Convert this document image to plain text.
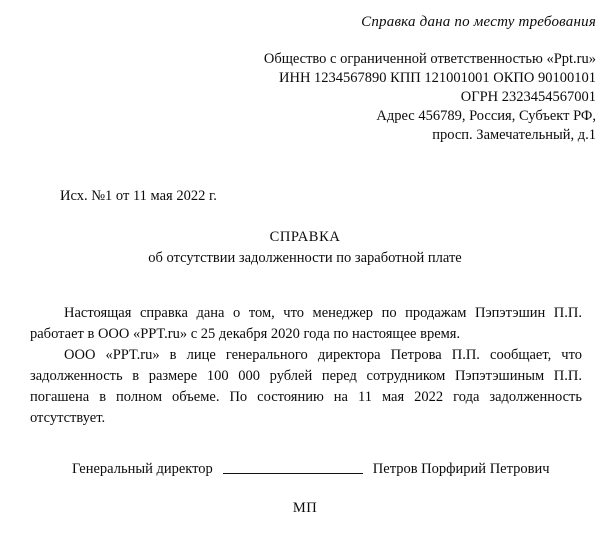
Справка дана по месту требования
Общество с ограниченной ответственностью «Ppt.ru»
ИНН 1234567890 КПП 121001001 ОКПО 90100101
ОГРН 2323454567001
Адрес 456789, Россия, Субъект РФ,
просп. Замечательный, д.1
Исх. №1 от 11 мая 2022 г.
СПРАВКА
об отсутствии задолженности по заработной плате

Настоящая справка дана о том, что менеджер по продажам Пэпэтэшин П.П. работает в ООО «PPT.ru» с 25 декабря 2020 года по настоящее время.

ООО «PPT.ru» в лице генерального директора Петрова П.П. сообщает, что задолженность в размере 100 000 рублей перед сотрудником Пэпэтэшиным П.П. погашена в полном объеме. По состоянию на 11 мая 2022 года задолженность отсутствует.

Генеральный директор	Петров Порфирий Петрович
МП
